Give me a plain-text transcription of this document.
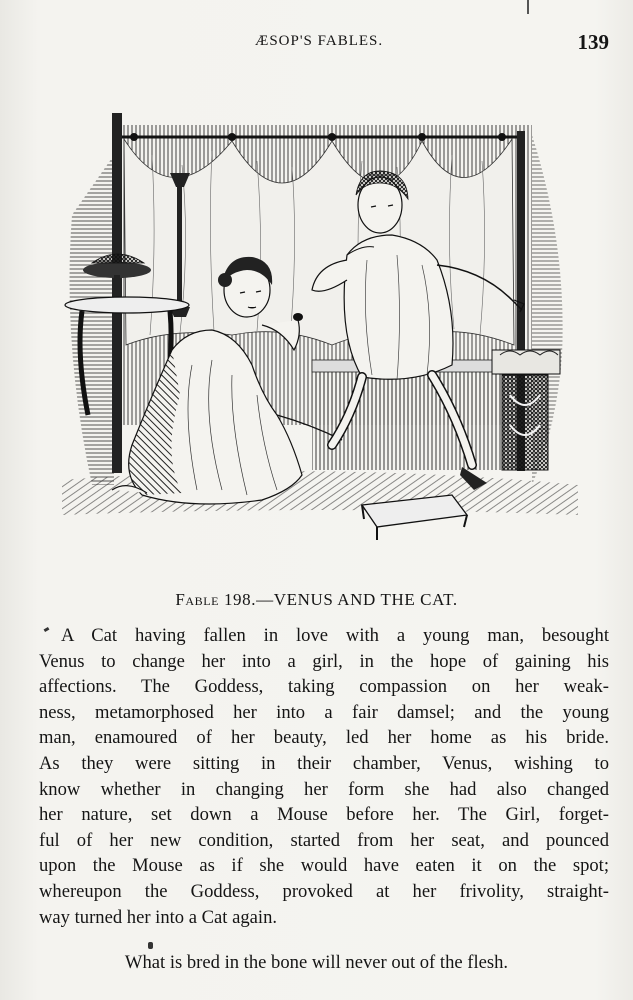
ÆSOP'S FABLES.	139
Fable 198.—VENUS AND THE CAT.
A Cat having fallen in love with a young man, besought
Venus to change her into a girl, in the hope of gaining his
affections. The Goddess, taking compassion on her weak-
ness, metamorphosed her into a fair damsel; and the young
man, enamoured of her beauty, led her home as his bride.
As they were sitting in their chamber, Venus, wishing to
know whether in changing her form she had also changed
her nature, set down a Mouse before her. The Girl, forget-
ful of her new condition, started from her seat, and pounced
upon the Mouse as if she would have eaten it on the spot;
whereupon the Goddess, provoked at her frivolity, straight-
way turned her into a Cat again.
What is bred in the bone will never out of the flesh.
